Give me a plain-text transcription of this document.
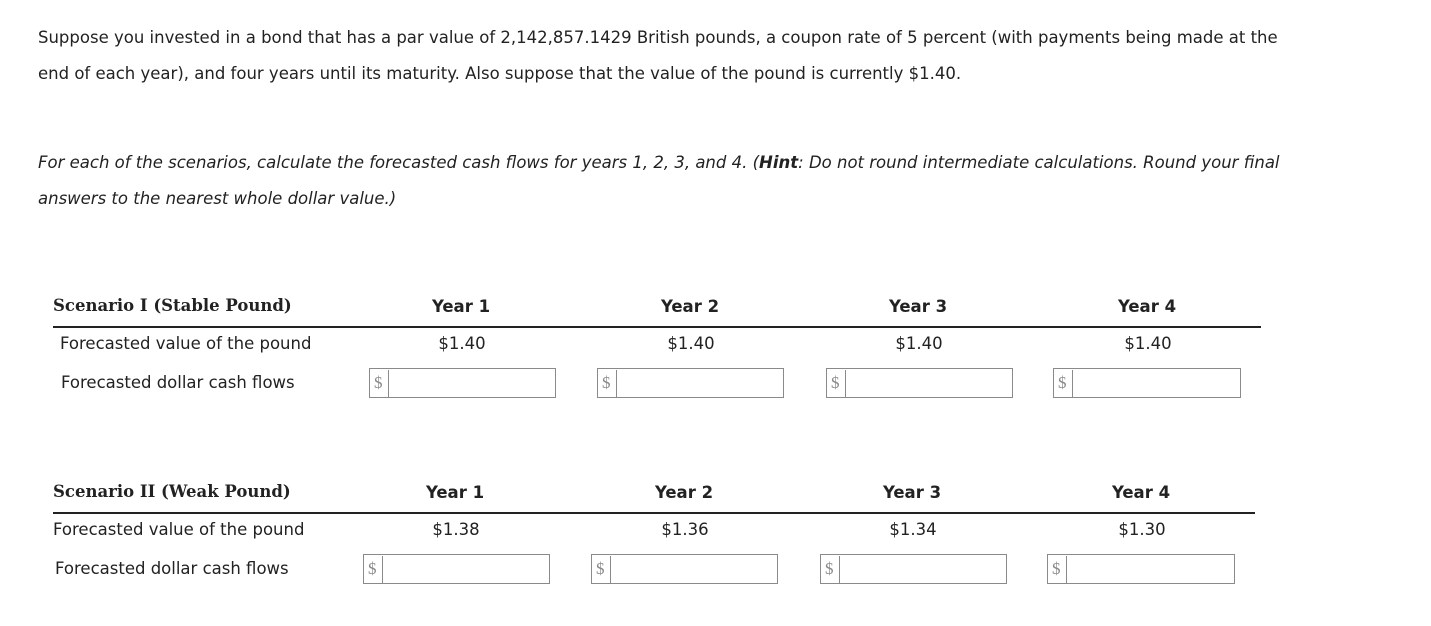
Suppose you invested in a bond that has a par value of 2,142,857.1429 British pounds, a coupon rate of 5 percent (with payments being made at the
end of each year), and four years until its maturity. Also suppose that the value of the pound is currently $1.40.
For each of the scenarios, calculate the forecasted cash flows for years 1, 2, 3, and 4. (Hint: Do not round intermediate calculations. Round your final
answers to the nearest whole dollar value.)
Scenario I (Stable Pound)	Year 1	Year 2	Year 3	Year 4
Forecasted value of the pound	$1.40	$1.40	$1.40	$1.40
Forecasted dollar cash flows	$	$	$	$
Scenario II (Weak Pound)	Year 1	Year 2	Year 3	Year 4
Forecasted value of the pound	$1.38	$1.36	$1.34	$1.30
Forecasted dollar cash flows	$	$	$	$
